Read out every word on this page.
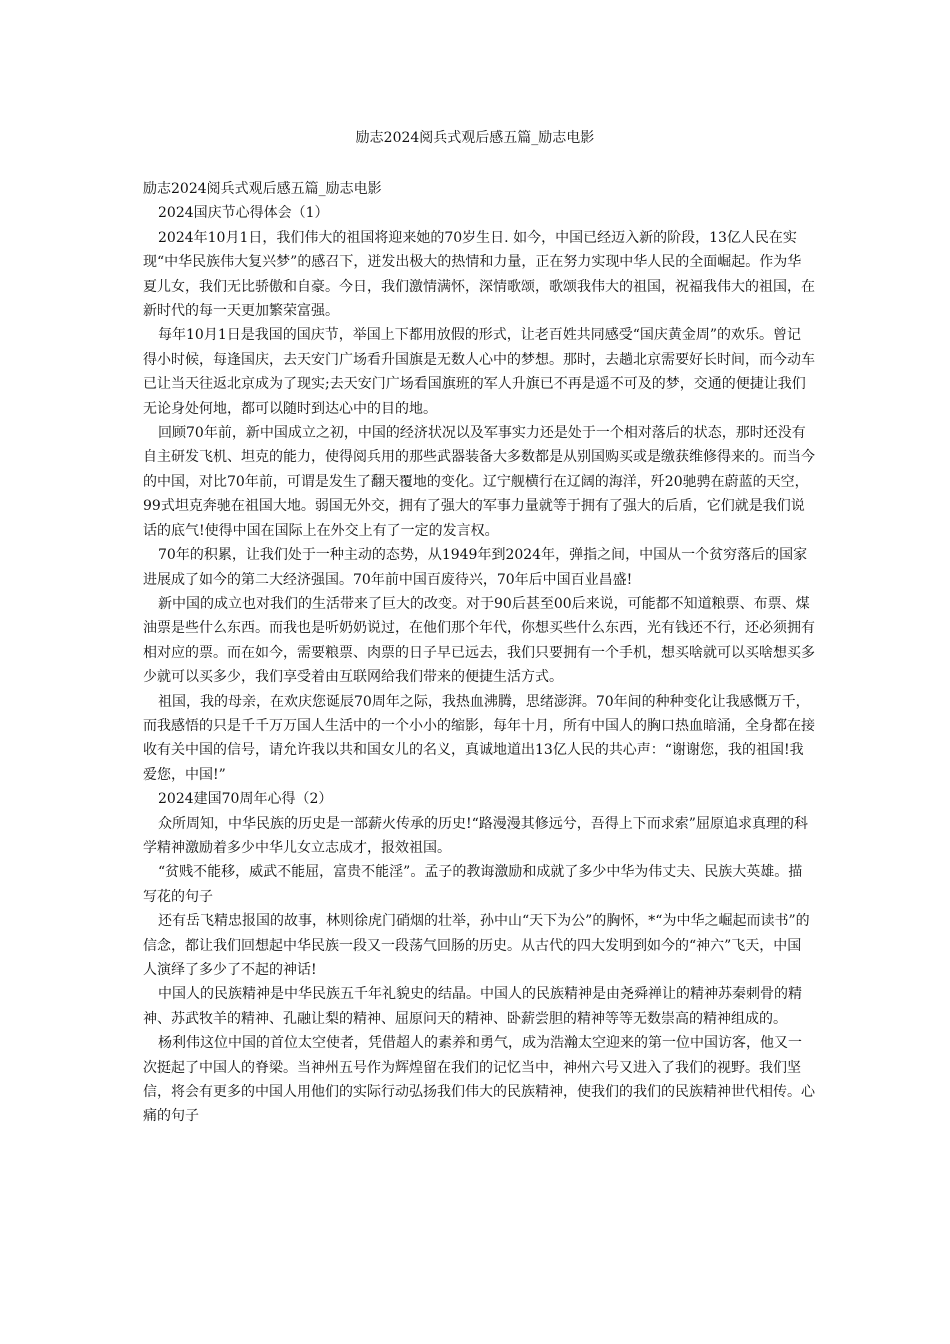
励志2024阅兵式观后感五篇_励志电影

励志2024阅兵式观后感五篇_励志电影

2024国庆节心得体会（1）

2024年10月1日，我们伟大的祖国将迎来她的70岁生日. 如今，中国已经迈入新的阶段，13亿人民在实现“中华民族伟大复兴梦”的感召下，迸发出极大的热情和力量，正在努力实现中华人民的全面崛起。作为华夏儿女，我们无比骄傲和自豪。今日，我们激情满怀，深情歌颂，歌颂我伟大的祖国，祝福我伟大的祖国，在新时代的每一天更加繁荣富强。

每年10月1日是我国的国庆节，举国上下都用放假的形式，让老百姓共同感受“国庆黄金周”的欢乐。曾记得小时候，每逢国庆，去天安门广场看升国旗是无数人心中的梦想。那时，去趟北京需要好长时间，而今动车已让当天往返北京成为了现实;去天安门广场看国旗班的军人升旗已不再是遥不可及的梦，交通的便捷让我们无论身处何地，都可以随时到达心中的目的地。

回顾70年前，新中国成立之初，中国的经济状况以及军事实力还是处于一个相对落后的状态，那时还没有自主研发飞机、坦克的能力，使得阅兵用的那些武器装备大多数都是从别国购买或是缴获维修得来的。而当今的中国，对比70年前，可谓是发生了翻天覆地的变化。辽宁舰横行在辽阔的海洋，歼20驰骋在蔚蓝的天空，99式坦克奔驰在祖国大地。弱国无外交，拥有了强大的军事力量就等于拥有了强大的后盾，它们就是我们说话的底气!使得中国在国际上在外交上有了一定的发言权。

70年的积累，让我们处于一种主动的态势，从1949年到2024年，弹指之间，中国从一个贫穷落后的国家进展成了如今的第二大经济强国。70年前中国百废待兴，70年后中国百业昌盛!

新中国的成立也对我们的生活带来了巨大的改变。对于90后甚至00后来说，可能都不知道粮票、布票、煤油票是些什么东西。而我也是听奶奶说过，在他们那个年代，你想买些什么东西，光有钱还不行，还必须拥有相对应的票。而在如今，需要粮票、肉票的日子早已远去，我们只要拥有一个手机，想买啥就可以买啥想买多少就可以买多少，我们享受着由互联网给我们带来的便捷生活方式。

祖国，我的母亲，在欢庆您诞辰70周年之际，我热血沸腾，思绪澎湃。70年间的种种变化让我感慨万千，而我感悟的只是千千万万国人生活中的一个小小的缩影，每年十月，所有中国人的胸口热血暗涌，全身都在接收有关中国的信号，请允许我以共和国女儿的名义，真诚地道出13亿人民的共心声：“谢谢您，我的祖国!我爱您，中国!”

2024建国70周年心得（2）

众所周知，中华民族的历史是一部薪火传承的历史!“路漫漫其修远兮，吾得上下而求索”屈原追求真理的科学精神激励着多少中华儿女立志成才，报效祖国。

“贫贱不能移，威武不能屈，富贵不能淫”。孟子的教诲激励和成就了多少中华为伟丈夫、民族大英雄。描写花的句子

还有岳飞精忠报国的故事，林则徐虎门硝烟的壮举，孙中山“天下为公”的胸怀，*“为中华之崛起而读书”的信念，都让我们回想起中华民族一段又一段荡气回肠的历史。从古代的四大发明到如今的“神六”飞天，中国人演绎了多少了不起的神话!

中国人的民族精神是中华民族五千年礼貌史的结晶。中国人的民族精神是由尧舜禅让的精神苏秦刺骨的精神、苏武牧羊的精神、孔融让梨的精神、屈原问天的精神、卧薪尝胆的精神等等无数崇高的精神组成的。

杨利伟这位中国的首位太空使者，凭借超人的素养和勇气，成为浩瀚太空迎来的第一位中国访客，他又一次挺起了中国人的脊梁。当神州五号作为辉煌留在我们的记忆当中，神州六号又进入了我们的视野。我们坚信，将会有更多的中国人用他们的实际行动弘扬我们伟大的民族精神，使我们的我们的民族精神世代相传。心痛的句子
